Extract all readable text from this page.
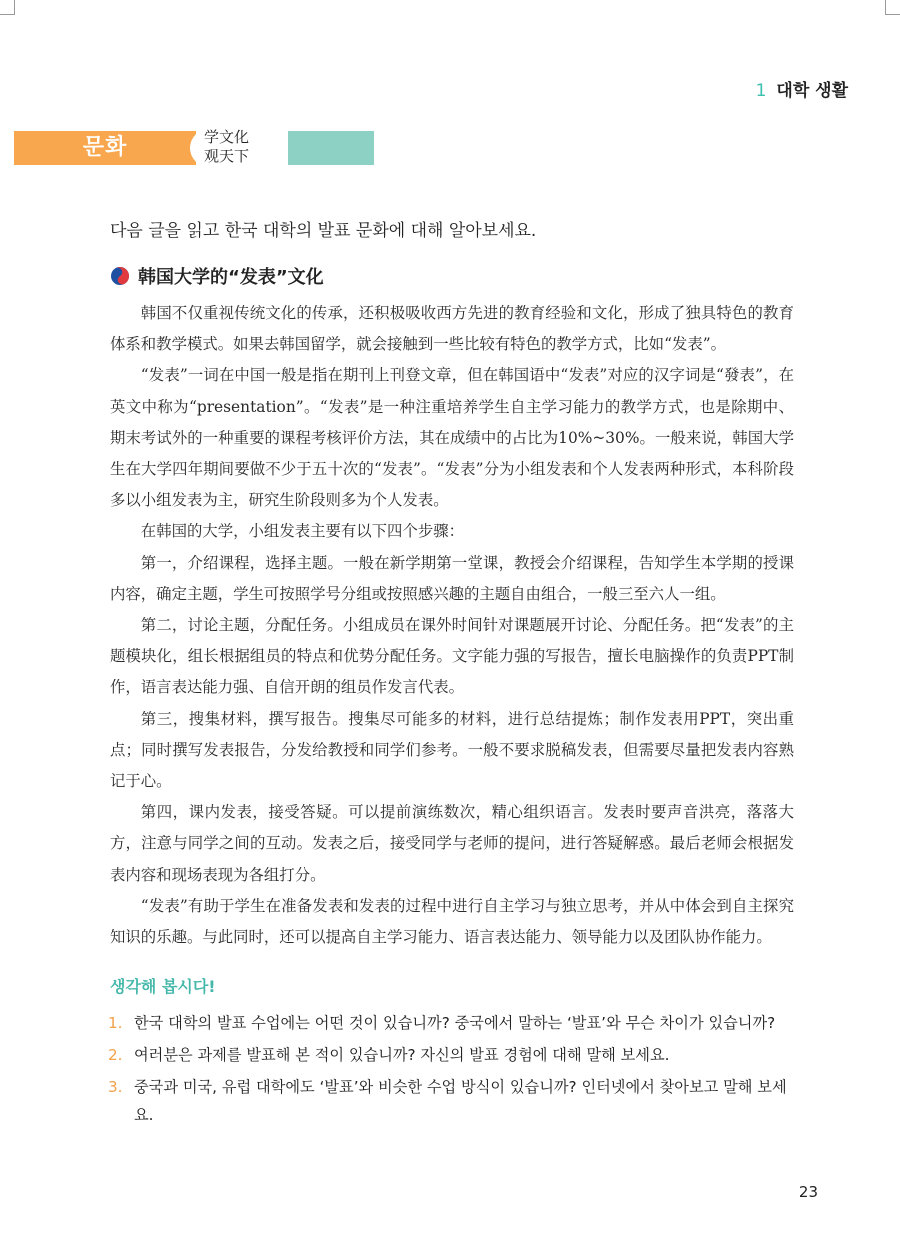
1 대학 생활
문화	学文化
观天下
다음 글을 읽고 한국 대학의 발표 문화에 대해 알아보세요.
韩国大学的“发表”文化

韩国不仅重视传统文化的传承，还积极吸收西方先进的教育经验和文化，形成了独具特色的教育体系和教学模式。如果去韩国留学，就会接触到一些比较有特色的教学方式，比如“发表”。

“发表”一词在中国一般是指在期刊上刊登文章，但在韩国语中“发表”对应的汉字词是“發表”，在英文中称为“presentation”。“发表”是一种注重培养学生自主学习能力的教学方式，也是除期中、期末考试外的一种重要的课程考核评价方法，其在成绩中的占比为10%~30%。一般来说，韩国大学生在大学四年期间要做不少于五十次的“发表”。“发表”分为小组发表和个人发表两种形式，本科阶段多以小组发表为主，研究生阶段则多为个人发表。

在韩国的大学，小组发表主要有以下四个步骤：

第一，介绍课程，选择主题。一般在新学期第一堂课，教授会介绍课程，告知学生本学期的授课内容，确定主题，学生可按照学号分组或按照感兴趣的主题自由组合，一般三至六人一组。

第二，讨论主题，分配任务。小组成员在课外时间针对课题展开讨论、分配任务。把“发表”的主题模块化，组长根据组员的特点和优势分配任务。文字能力强的写报告，擅长电脑操作的负责PPT制作，语言表达能力强、自信开朗的组员作发言代表。

第三，搜集材料，撰写报告。搜集尽可能多的材料，进行总结提炼；制作发表用PPT，突出重点；同时撰写发表报告，分发给教授和同学们参考。一般不要求脱稿发表，但需要尽量把发表内容熟记于心。

第四，课内发表，接受答疑。可以提前演练数次，精心组织语言。发表时要声音洪亮，落落大方，注意与同学之间的互动。发表之后，接受同学与老师的提问，进行答疑解惑。最后老师会根据发表内容和现场表现为各组打分。

“发表”有助于学生在准备发表和发表的过程中进行自主学习与独立思考，并从中体会到自主探究知识的乐趣。与此同时，还可以提高自主学习能力、语言表达能力、领导能力以及团队协作能力。

생각해 봅시다!
1. 한국 대학의 발표 수업에는 어떤 것이 있습니까? 중국에서 말하는 ‘발표’와 무슨 차이가 있습니까?
2. 여러분은 과제를 발표해 본 적이 있습니까? 자신의 발표 경험에 대해 말해 보세요.
3. 중국과 미국, 유럽 대학에도 ‘발표’와 비슷한 수업 방식이 있습니까? 인터넷에서 찾아보고 말해 보세요.
23
